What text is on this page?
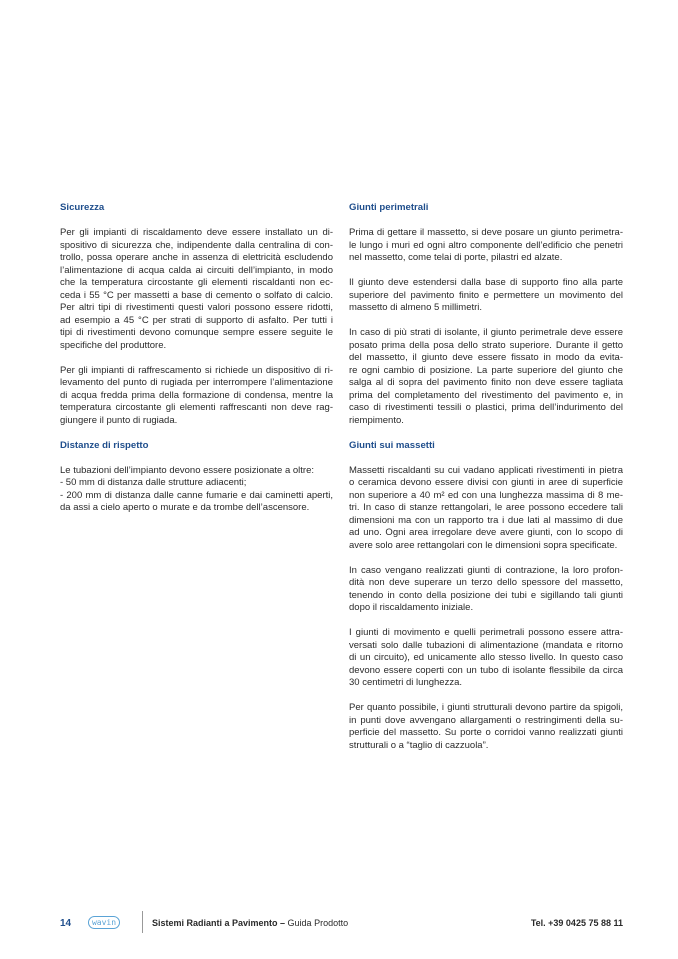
Sicurezza
Per gli impianti di riscaldamento deve essere installato un di-
spositivo di sicurezza che, indipendente dalla centralina di con-
trollo, possa operare anche in assenza di elettricità escludendo
l’alimentazione di acqua calda ai circuiti dell’impianto, in modo
che la temperatura circostante gli elementi riscaldanti non ec-
ceda i 55 °C per massetti a base di cemento o solfato di calcio.
Per altri tipi di rivestimenti questi valori possono essere ridotti,
ad esempio a 45 °C per strati di supporto di asfalto. Per tutti i
tipi di rivestimenti devono comunque sempre essere seguite le
specifiche del produttore.
Per gli impianti di raffrescamento si richiede un dispositivo di ri-
levamento del punto di rugiada per interrompere l’alimentazione
di acqua fredda prima della formazione di condensa, mentre la
temperatura circostante gli elementi raffrescanti non deve rag-
giungere il punto di rugiada.
Distanze di rispetto
Le tubazioni dell’impianto devono essere posizionate a oltre:
- 50 mm di distanza dalle strutture adiacenti;
- 200 mm di distanza dalle canne fumarie e dai caminetti aperti,
da assi a cielo aperto o murate e da trombe dell’ascensore.
Giunti perimetrali
Prima di gettare il massetto, si deve posare un giunto perimetra-
le lungo i muri ed ogni altro componente dell’edificio che penetri
nel massetto, come telai di porte, pilastri ed alzate.
Il giunto deve estendersi dalla base di supporto fino alla parte
superiore del pavimento finito e permettere un movimento del
massetto di almeno 5 millimetri.
In caso di più strati di isolante, il giunto perimetrale deve essere
posato prima della posa dello strato superiore. Durante il getto
del massetto, il giunto deve essere fissato in modo da evita-
re ogni cambio di posizione. La parte superiore del giunto che
salga al di sopra del pavimento finito non deve essere tagliata
prima del completamento del rivestimento del pavimento e, in
caso di rivestimenti tessili o plastici, prima dell’indurimento del
riempimento.
Giunti sui massetti
Massetti riscaldanti su cui vadano applicati rivestimenti in pietra
o ceramica devono essere divisi con giunti in aree di superficie
non superiore a 40 m² ed con una lunghezza massima di 8 me-
tri. In caso di stanze rettangolari, le aree possono eccedere tali
dimensioni ma con un rapporto tra i due lati al massimo di due
ad uno. Ogni area irregolare deve avere giunti, con lo scopo di
avere solo aree rettangolari con le dimensioni sopra specificate.
In caso vengano realizzati giunti di contrazione, la loro profon-
dità non deve superare un terzo dello spessore del massetto,
tenendo in conto della posizione dei tubi e sigillando tali giunti
dopo il riscaldamento iniziale.
I giunti di movimento e quelli perimetrali possono essere attra-
versati solo dalle tubazioni di alimentazione (mandata e ritorno
di un circuito), ed unicamente allo stesso livello. In questo caso
devono essere coperti con un tubo di isolante flessibile da circa
30 centimetri di lunghezza.
Per quanto possibile, i giunti strutturali devono partire da spigoli,
in punti dove avvengano allargamenti o restringimenti della su-
perficie del massetto. Su porte o corridoi vanno realizzati giunti
strutturali o a “taglio di cazzuola”.
14	wavin	Sistemi Radianti a Pavimento – Guida Prodotto	Tel. +39 0425 75 88 11
